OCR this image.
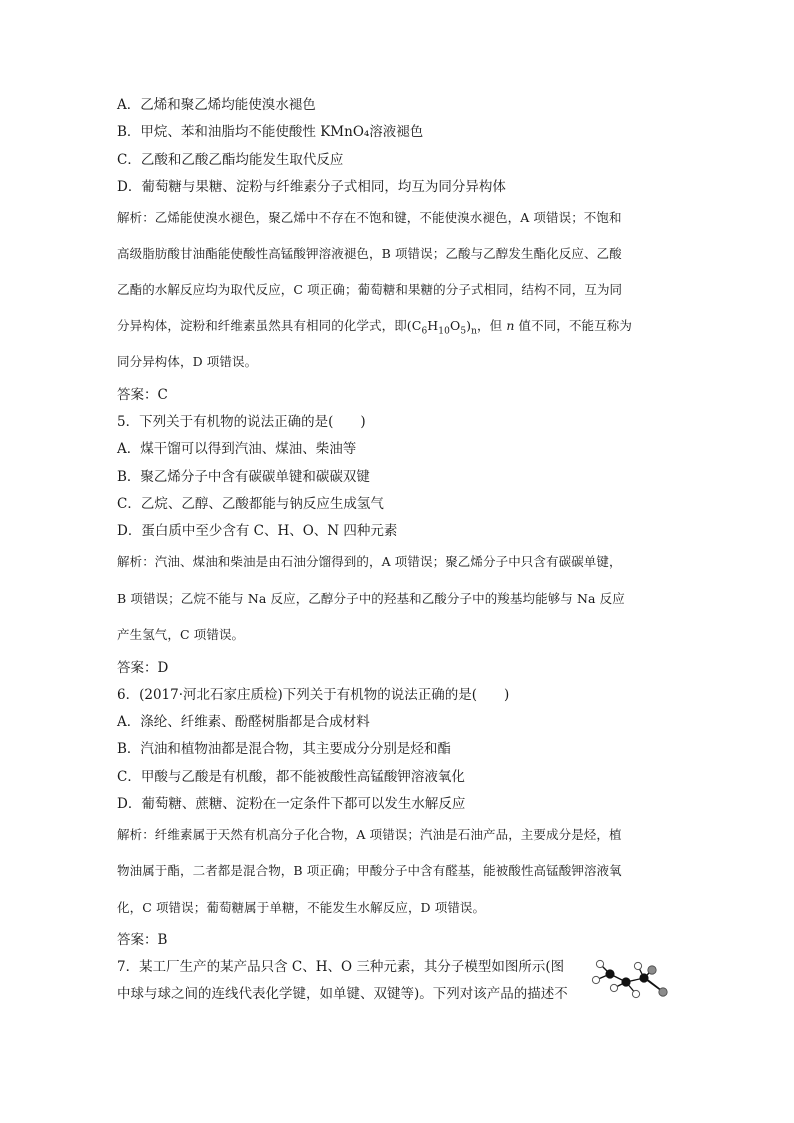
A．乙烯和聚乙烯均能使溴水褪色
B．甲烷、苯和油脂均不能使酸性 KMnO₄溶液褪色
C．乙酸和乙酸乙酯均能发生取代反应
D．葡萄糖与果糖、淀粉与纤维素分子式相同，均互为同分异构体
解析：乙烯能使溴水褪色，聚乙烯中不存在不饱和键，不能使溴水褪色，A 项错误；不饱和
高级脂肪酸甘油酯能使酸性高锰酸钾溶液褪色，B 项错误；乙酸与乙醇发生酯化反应、乙酸
乙酯的水解反应均为取代反应，C 项正确；葡萄糖和果糖的分子式相同，结构不同，互为同
分异构体，淀粉和纤维素虽然具有相同的化学式，即$(C_6H_{10}O_5)_n$，但 n 值不同，不能互称为
同分异构体，D 项错误。
答案：C
5．下列关于有机物的说法正确的是(　　)
A．煤干馏可以得到汽油、煤油、柴油等
B．聚乙烯分子中含有碳碳单键和碳碳双键
C．乙烷、乙醇、乙酸都能与钠反应生成氢气
D．蛋白质中至少含有 C、H、O、N 四种元素
解析：汽油、煤油和柴油是由石油分馏得到的，A 项错误；聚乙烯分子中只含有碳碳单键，
B 项错误；乙烷不能与 Na 反应，乙醇分子中的羟基和乙酸分子中的羧基均能够与 Na 反应
产生氢气，C 项错误。
答案：D
6．(2017·河北石家庄质检)下列关于有机物的说法正确的是(　　)
A．涤纶、纤维素、酚醛树脂都是合成材料
B．汽油和植物油都是混合物，其主要成分分别是烃和酯
C．甲酸与乙酸是有机酸，都不能被酸性高锰酸钾溶液氧化
D．葡萄糖、蔗糖、淀粉在一定条件下都可以发生水解反应
解析：纤维素属于天然有机高分子化合物，A 项错误；汽油是石油产品，主要成分是烃，植
物油属于酯，二者都是混合物，B 项正确；甲酸分子中含有醛基，能被酸性高锰酸钾溶液氧
化，C 项错误；葡萄糖属于单糖，不能发生水解反应，D 项错误。
答案：B
7．某工厂生产的某产品只含 C、H、O 三种元素，其分子模型如图所示(图
中球与球之间的连线代表化学键，如单键、双键等)。下列对该产品的描述不
